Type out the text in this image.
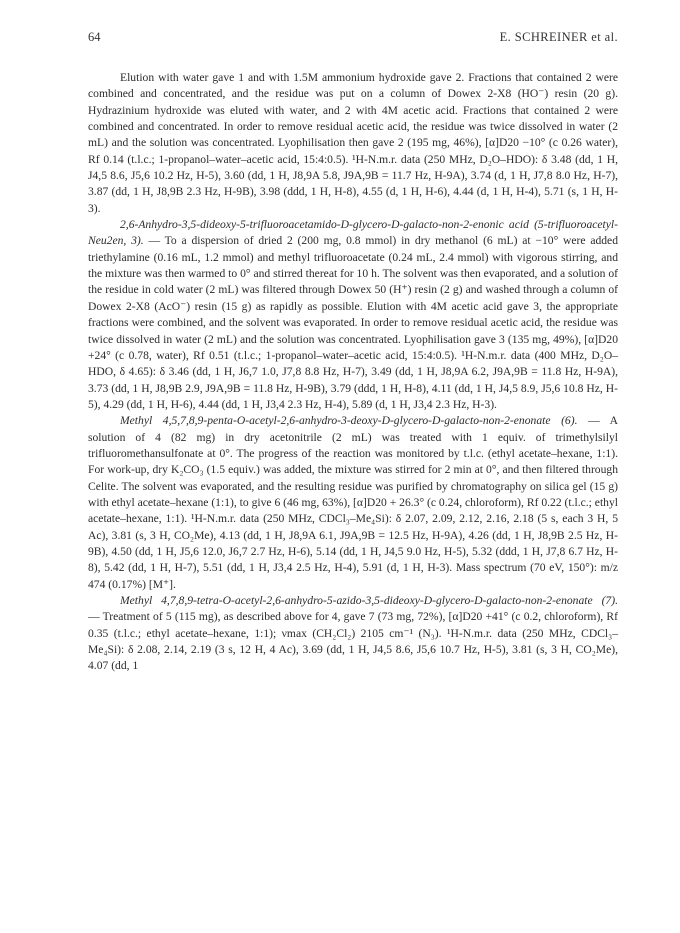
64	E. SCHREINER et al.

Elution with water gave 1 and with 1.5M ammonium hydroxide gave 2. Fractions that contained 2 were combined and concentrated, and the residue was put on a column of Dowex 2-X8 (HO⁻) resin (20 g). Hydrazinium hydroxide was eluted with water, and 2 with 4M acetic acid. Fractions that contained 2 were combined and concentrated. In order to remove residual acetic acid, the residue was twice dissolved in water (2 mL) and the solution was concentrated. Lyophilisation then gave 2 (195 mg, 46%), [α]D20 −10° (c 0.26 water), Rf 0.14 (t.l.c.; 1-propanol–water–acetic acid, 15:4:0.5). ¹H-N.m.r. data (250 MHz, D₂O–HDO): δ 3.48 (dd, 1 H, J4,5 8.6, J5,6 10.2 Hz, H-5), 3.60 (dd, 1 H, J8,9A 5.8, J9A,9B = 11.7 Hz, H-9A), 3.74 (d, 1 H, J7,8 8.0 Hz, H-7), 3.87 (dd, 1 H, J8,9B 2.3 Hz, H-9B), 3.98 (ddd, 1 H, H-8), 4.55 (d, 1 H, H-6), 4.44 (d, 1 H, H-4), 5.71 (s, 1 H, H-3).

2,6-Anhydro-3,5-dideoxy-5-trifluoroacetamido-D-glycero-D-galacto-non-2-enonic acid (5-trifluoroacetyl-Neu2en, 3). — To a dispersion of dried 2 (200 mg, 0.8 mmol) in dry methanol (6 mL) at −10° were added triethylamine (0.16 mL, 1.2 mmol) and methyl trifluoroacetate (0.24 mL, 2.4 mmol) with vigorous stirring, and the mixture was then warmed to 0° and stirred thereat for 10 h. The solvent was then evaporated, and a solution of the residue in cold water (2 mL) was filtered through Dowex 50 (H⁺) resin (2 g) and washed through a column of Dowex 2-X8 (AcO⁻) resin (15 g) as rapidly as possible. Elution with 4M acetic acid gave 3, the appropriate fractions were combined, and the solvent was evaporated. In order to remove residual acetic acid, the residue was twice dissolved in water (2 mL) and the solution was concentrated. Lyophilisation gave 3 (135 mg, 49%), [α]D20 +24° (c 0.78, water), Rf 0.51 (t.l.c.; 1-propanol–water–acetic acid, 15:4:0.5). ¹H-N.m.r. data (400 MHz, D₂O–HDO, δ 4.65): δ 3.46 (dd, 1 H, J6,7 1.0, J7,8 8.8 Hz, H-7), 3.49 (dd, 1 H, J8,9A 6.2, J9A,9B = 11.8 Hz, H-9A), 3.73 (dd, 1 H, J8,9B 2.9, J9A,9B = 11.8 Hz, H-9B), 3.79 (ddd, 1 H, H-8), 4.11 (dd, 1 H, J4,5 8.9, J5,6 10.8 Hz, H-5), 4.29 (dd, 1 H, H-6), 4.44 (dd, 1 H, J3,4 2.3 Hz, H-4), 5.89 (d, 1 H, J3,4 2.3 Hz, H-3).

Methyl 4,5,7,8,9-penta-O-acetyl-2,6-anhydro-3-deoxy-D-glycero-D-galacto-non-2-enonate (6). — A solution of 4 (82 mg) in dry acetonitrile (2 mL) was treated with 1 equiv. of trimethylsilyl trifluoromethansulfonate at 0°. The progress of the reaction was monitored by t.l.c. (ethyl acetate–hexane, 1:1). For work-up, dry K₂CO₃ (1.5 equiv.) was added, the mixture was stirred for 2 min at 0°, and then filtered through Celite. The solvent was evaporated, and the resulting residue was purified by chromatography on silica gel (15 g) with ethyl acetate–hexane (1:1), to give 6 (46 mg, 63%), [α]D20 + 26.3° (c 0.24, chloroform), Rf 0.22 (t.l.c.; ethyl acetate–hexane, 1:1). ¹H-N.m.r. data (250 MHz, CDCl₃–Me₄Si): δ 2.07, 2.09, 2.12, 2.16, 2.18 (5 s, each 3 H, 5 Ac), 3.81 (s, 3 H, CO₂Me), 4.13 (dd, 1 H, J8,9A 6.1, J9A,9B = 12.5 Hz, H-9A), 4.26 (dd, 1 H, J8,9B 2.5 Hz, H-9B), 4.50 (dd, 1 H, J5,6 12.0, J6,7 2.7 Hz, H-6), 5.14 (dd, 1 H, J4,5 9.0 Hz, H-5), 5.32 (ddd, 1 H, J7,8 6.7 Hz, H-8), 5.42 (dd, 1 H, H-7), 5.51 (dd, 1 H, J3,4 2.5 Hz, H-4), 5.91 (d, 1 H, H-3). Mass spectrum (70 eV, 150°): m/z 474 (0.17%) [M⁺].

Methyl 4,7,8,9-tetra-O-acetyl-2,6-anhydro-5-azido-3,5-dideoxy-D-glycero-D-galacto-non-2-enonate (7). — Treatment of 5 (115 mg), as described above for 4, gave 7 (73 mg, 72%), [α]D20 +41° (c 0.2, chloroform), Rf 0.35 (t.l.c.; ethyl acetate–hexane, 1:1); νmax (CH₂Cl₂) 2105 cm⁻¹ (N₃). ¹H-N.m.r. data (250 MHz, CDCl₃–Me₄Si): δ 2.08, 2.14, 2.19 (3 s, 12 H, 4 Ac), 3.69 (dd, 1 H, J4,5 8.6, J5,6 10.7 Hz, H-5), 3.81 (s, 3 H, CO₂Me), 4.07 (dd, 1
